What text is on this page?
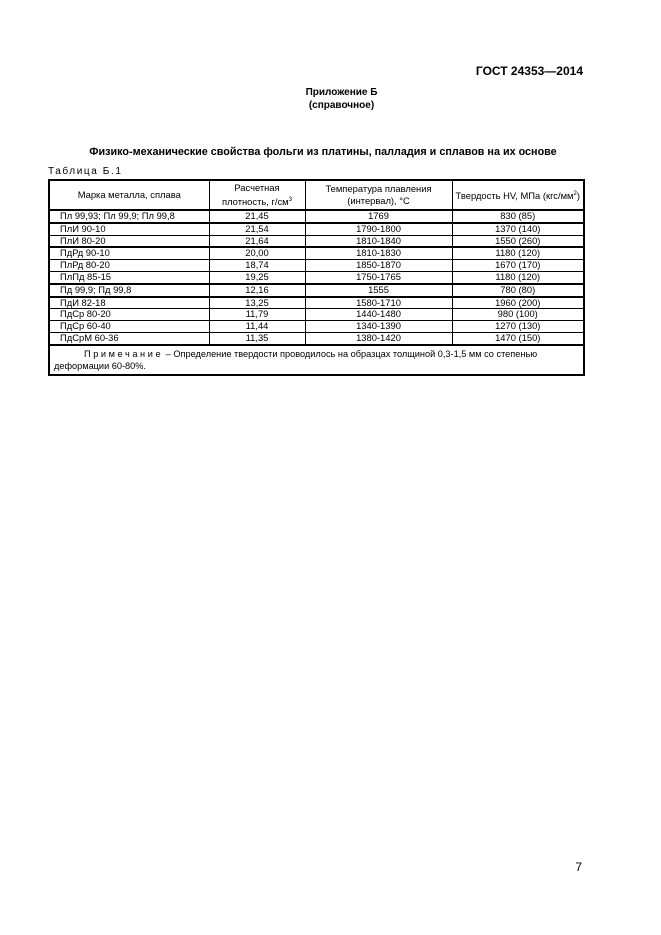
ГОСТ 24353—2014
Приложение Б
(справочное)
Физико-механические свойства фольги из платины, палладия и сплавов на их основе
Таблица Б.1
Марка металла, сплава	Расчетная плотность, $г/см^3$	Температура плавления (интервал), °С	Твердость HV, МПа $(кгс/мм^2)$
Пл 99,93; Пл 99,9; Пл 99,8	21,45	1769	830 (85)
ПлИ 90-10	21,54	1790-1800	1370 (140)
ПлИ 80-20	21,64	1810-1840	1550 (260)
ПдРд 90-10	20,00	1810-1830	1180 (120)
ПлРд 80-20	18,74	1850-1870	1670 (170)
ПлПд 85-15	19,25	1750-1765	1180 (120)
Пд 99,9; Пд 99,8	12,16	1555	780 (80)
ПдИ 82-18	13,25	1580-1710	1960 (200)
ПдСр 80-20	11,79	1440-1480	980 (100)
ПдСр 60-40	11,44	1340-1390	1270 (130)
ПдСрМ 60-36	11,35	1380-1420	1470 (150)
Примечание – Определение твердости проводилось на образцах толщиной 0,3-1,5 мм со степенью деформации 60-80%.			
7
